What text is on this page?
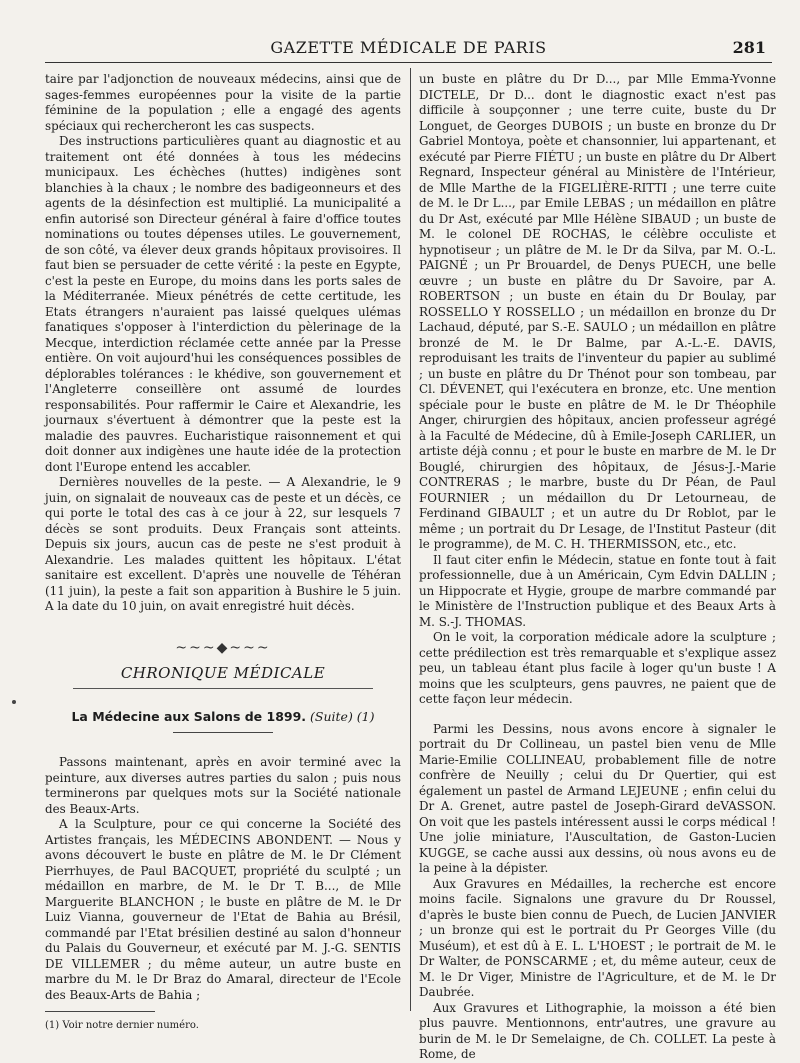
GAZETTE MÉDICALE DE PARIS	281

taire par l'adjonction de nouveaux médecins, ainsi que de sages-femmes européennes pour la visite de la partie féminine de la population ; elle a engagé des agents spéciaux qui rechercheront les cas suspects.

Des instructions particulières quant au diagnostic et au traitement ont été données à tous les médecins municipaux. Les échèches (huttes) indigènes sont blanchies à la chaux ; le nombre des badigeonneurs et des agents de la désinfection est multiplié. La municipalité a enfin autorisé son Directeur général à faire d'office toutes nominations ou toutes dépenses utiles. Le gouvernement, de son côté, va élever deux grands hôpitaux provisoires. Il faut bien se persuader de cette vérité : la peste en Egypte, c'est la peste en Europe, du moins dans les ports sales de la Méditerranée. Mieux pénétrés de cette certitude, les Etats étrangers n'auraient pas laissé quelques ulémas fanatiques s'opposer à l'interdiction du pèlerinage de la Mecque, interdiction réclamée cette année par la Presse entière. On voit aujourd'hui les conséquences possibles de déplorables tolérances : le khédive, son gouvernement et l'Angleterre conseillère ont assumé de lourdes responsabilités. Pour raffermir le Caire et Alexandrie, les journaux s'évertuent à démontrer que la peste est la maladie des pauvres. Eucharistique raisonnement et qui doit donner aux indigènes une haute idée de la protection dont l'Europe entend les accabler.

Dernières nouvelles de la peste. — A Alexandrie, le 9 juin, on signalait de nouveaux cas de peste et un décès, ce qui porte le total des cas à ce jour à 22, sur lesquels 7 décès se sont produits. Deux Français sont atteints. Depuis six jours, aucun cas de peste ne s'est produit à Alexandrie. Les malades quittent les hôpitaux. L'état sanitaire est excellent. D'après une nouvelle de Téhéran (11 juin), la peste a fait son apparition à Bushire le 5 juin. A la date du 10 juin, on avait enregistré huit décès.

~~~◆~~~
CHRONIQUE MÉDICALE
La Médecine aux Salons de 1899. (Suite) (1)

Passons maintenant, après en avoir terminé avec la peinture, aux diverses autres parties du salon ; puis nous terminerons par quelques mots sur la Société nationale des Beaux-Arts.

A la Sculpture, pour ce qui concerne la Société des Artistes français, les MÉDECINS ABONDENT. — Nous y avons découvert le buste en plâtre de M. le Dr Clément Pierrhuyes, de Paul BACQUET, propriété du sculpté ; un médaillon en marbre, de M. le Dr T. B..., de Mlle Marguerite BLANCHON ; le buste en plâtre de M. le Dr Luiz Vianna, gouverneur de l'Etat de Bahia au Brésil, commandé par l'Etat brésilien destiné au salon d'honneur du Palais du Gouverneur, et exécuté par M. J.-G. SENTIS DE VILLEMER ; du même auteur, un autre buste en marbre du M. le Dr Braz do Amaral, directeur de l'Ecole des Beaux-Arts de Bahia ;

(1) Voir notre dernier numéro.

un buste en plâtre du Dr D..., par Mlle Emma-Yvonne DICTELE, Dr D... dont le diagnostic exact n'est pas difficile à soupçonner ; une terre cuite, buste du Dr Longuet, de Georges DUBOIS ; un buste en bronze du Dr Gabriel Montoya, poète et chansonnier, lui appartenant, et exécuté par Pierre FIÉTU ; un buste en plâtre du Dr Albert Regnard, Inspecteur général au Ministère de l'Intérieur, de Mlle Marthe de la FIGELIÈRE-RITTI ; une terre cuite de M. le Dr L..., par Emile LEBAS ; un médaillon en plâtre du Dr Ast, exécuté par Mlle Hélène SIBAUD ; un buste de M. le colonel DE ROCHAS, le célèbre occuliste et hypnotiseur ; un plâtre de M. le Dr da Silva, par M. O.-L. PAIGNÉ ; un Pr Brouardel, de Denys PUECH, une belle œuvre ; un buste en plâtre du Dr Savoire, par A. ROBERTSON ; un buste en étain du Dr Boulay, par ROSSELLO Y ROSSELLO ; un médaillon en bronze du Dr Lachaud, député, par S.-E. SAULO ; un médaillon en plâtre bronzé de M. le Dr Balme, par A.-L.-E. DAVIS, reproduisant les traits de l'inventeur du papier au sublimé ; un buste en plâtre du Dr Thénot pour son tombeau, par Cl. DÉVENET, qui l'exécutera en bronze, etc. Une mention spéciale pour le buste en plâtre de M. le Dr Théophile Anger, chirurgien des hôpitaux, ancien professeur agrégé à la Faculté de Médecine, dû à Emile-Joseph CARLIER, un artiste déjà connu ; et pour le buste en marbre de M. le Dr Bouglé, chirurgien des hôpitaux, de Jésus-J.-Marie CONTRERAS ; le marbre, buste du Dr Péan, de Paul FOURNIER ; un médaillon du Dr Letourneau, de Ferdinand GIBAULT ; et un autre du Dr Roblot, par le même ; un portrait du Dr Lesage, de l'Institut Pasteur (dit le programme), de M. C. H. THERMISSON, etc., etc.

Il faut citer enfin le Médecin, statue en fonte tout à fait professionnelle, due à un Américain, Cym Edvin DALLIN ; un Hippocrate et Hygie, groupe de marbre commandé par le Ministère de l'Instruction publique et des Beaux Arts à M. S.-J. THOMAS.

On le voit, la corporation médicale adore la sculpture ; cette prédilection est très remarquable et s'explique assez peu, un tableau étant plus facile à loger qu'un buste ! A moins que les sculpteurs, gens pauvres, ne paient que de cette façon leur médecin.

Parmi les Dessins, nous avons encore à signaler le portrait du Dr Collineau, un pastel bien venu de Mlle Marie-Emilie COLLINEAU, probablement fille de notre confrère de Neuilly ; celui du Dr Quertier, qui est également un pastel de Armand LEJEUNE ; enfin celui du Dr A. Grenet, autre pastel de Joseph-Girard deVASSON. On voit que les pastels intéressent aussi le corps médical ! Une jolie miniature, l'Auscultation, de Gaston-Lucien KUGGE, se cache aussi aux dessins, où nous avons eu de la peine à la dépister.

Aux Gravures en Médailles, la recherche est encore moins facile. Signalons une gravure du Dr Roussel, d'après le buste bien connu de Puech, de Lucien JANVIER ; un bronze qui est le portrait du Pr Georges Ville (du Muséum), et est dû à E. L. L'HOEST ; le portrait de M. le Dr Walter, de PONSCARME ; et, du même auteur, ceux de M. le Dr Viger, Ministre de l'Agriculture, et de M. le Dr Daubrée.

Aux Gravures et Lithographie, la moisson a été bien plus pauvre. Mentionnons, entr'autres, une gravure au burin de M. le Dr Semelaigne, de Ch. COLLET. La peste à Rome, de
